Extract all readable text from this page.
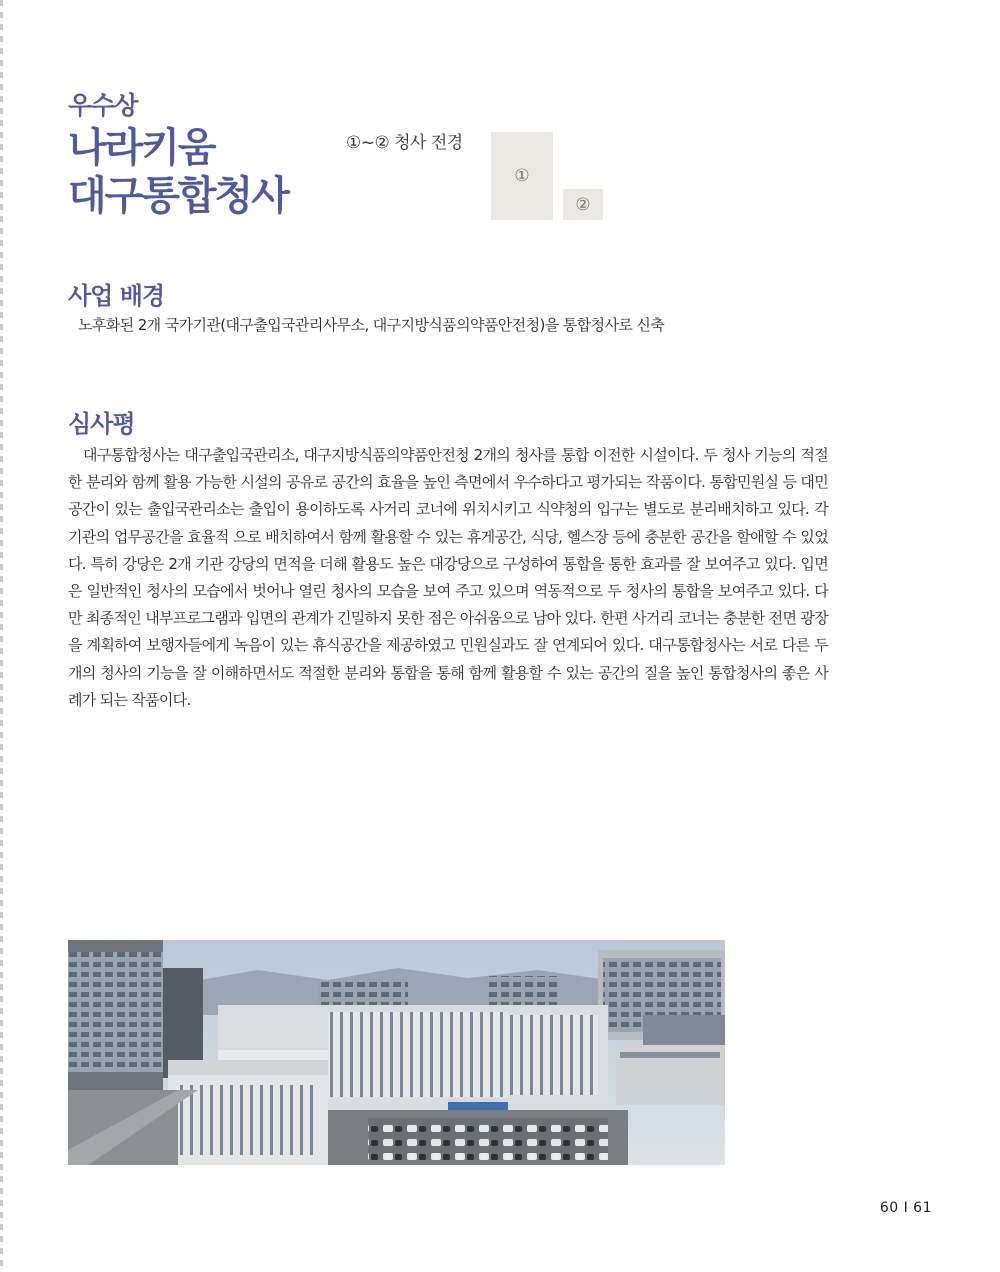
우수상
나라키움
대구통합청사
①~② 청사 전경
①
②
사업 배경
노후화된 2개 국가기관(대구출입국관리사무소, 대구지방식품의약품안전청)을 통합청사로 신축
심사평

대구통합청사는 대구출입국관리소, 대구지방식품의약품안전청 2개의 청사를 통합 이전한 시설이다. 두 청사 기능의 적절한 분리와 함께 활용 가능한 시설의 공유로 공간의 효율을 높인 측면에서 우수하다고 평가되는 작품이다. 통합민원실 등 대민 공간이 있는 출입국관리소는 출입이 용이하도록 사거리 코너에 위치시키고 식약청의 입구는 별도로 분리배치하고 있다. 각 기관의 업무공간을 효율적 으로 배치하여서 함께 활용할 수 있는 휴게공간, 식당, 헬스장 등에 충분한 공간을 할애할 수 있었다. 특히 강당은 2개 기관 강당의 면적을 더해 활용도 높은 대강당으로 구성하여 통합을 통한 효과를 잘 보여주고 있다. 입면은 일반적인 청사의 모습에서 벗어나 열린 청사의 모습을 보여 주고 있으며 역동적으로 두 청사의 통합을 보여주고 있다. 다만 최종적인 내부프로그램과 입면의 관계가 긴밀하지 못한 점은 아쉬움으로 남아 있다. 한편 사거리 코너는 충분한 전면 광장을 계획하여 보행자들에게 녹음이 있는 휴식공간을 제공하였고 민원실과도 잘 연계되어 있다. 대구통합청사는 서로 다른 두 개의 청사의 기능을 잘 이해하면서도 적절한 분리와 통합을 통해 함께 활용할 수 있는 공간의 질을 높인 통합청사의 좋은 사례가 되는 작품이다.

60 I 61
